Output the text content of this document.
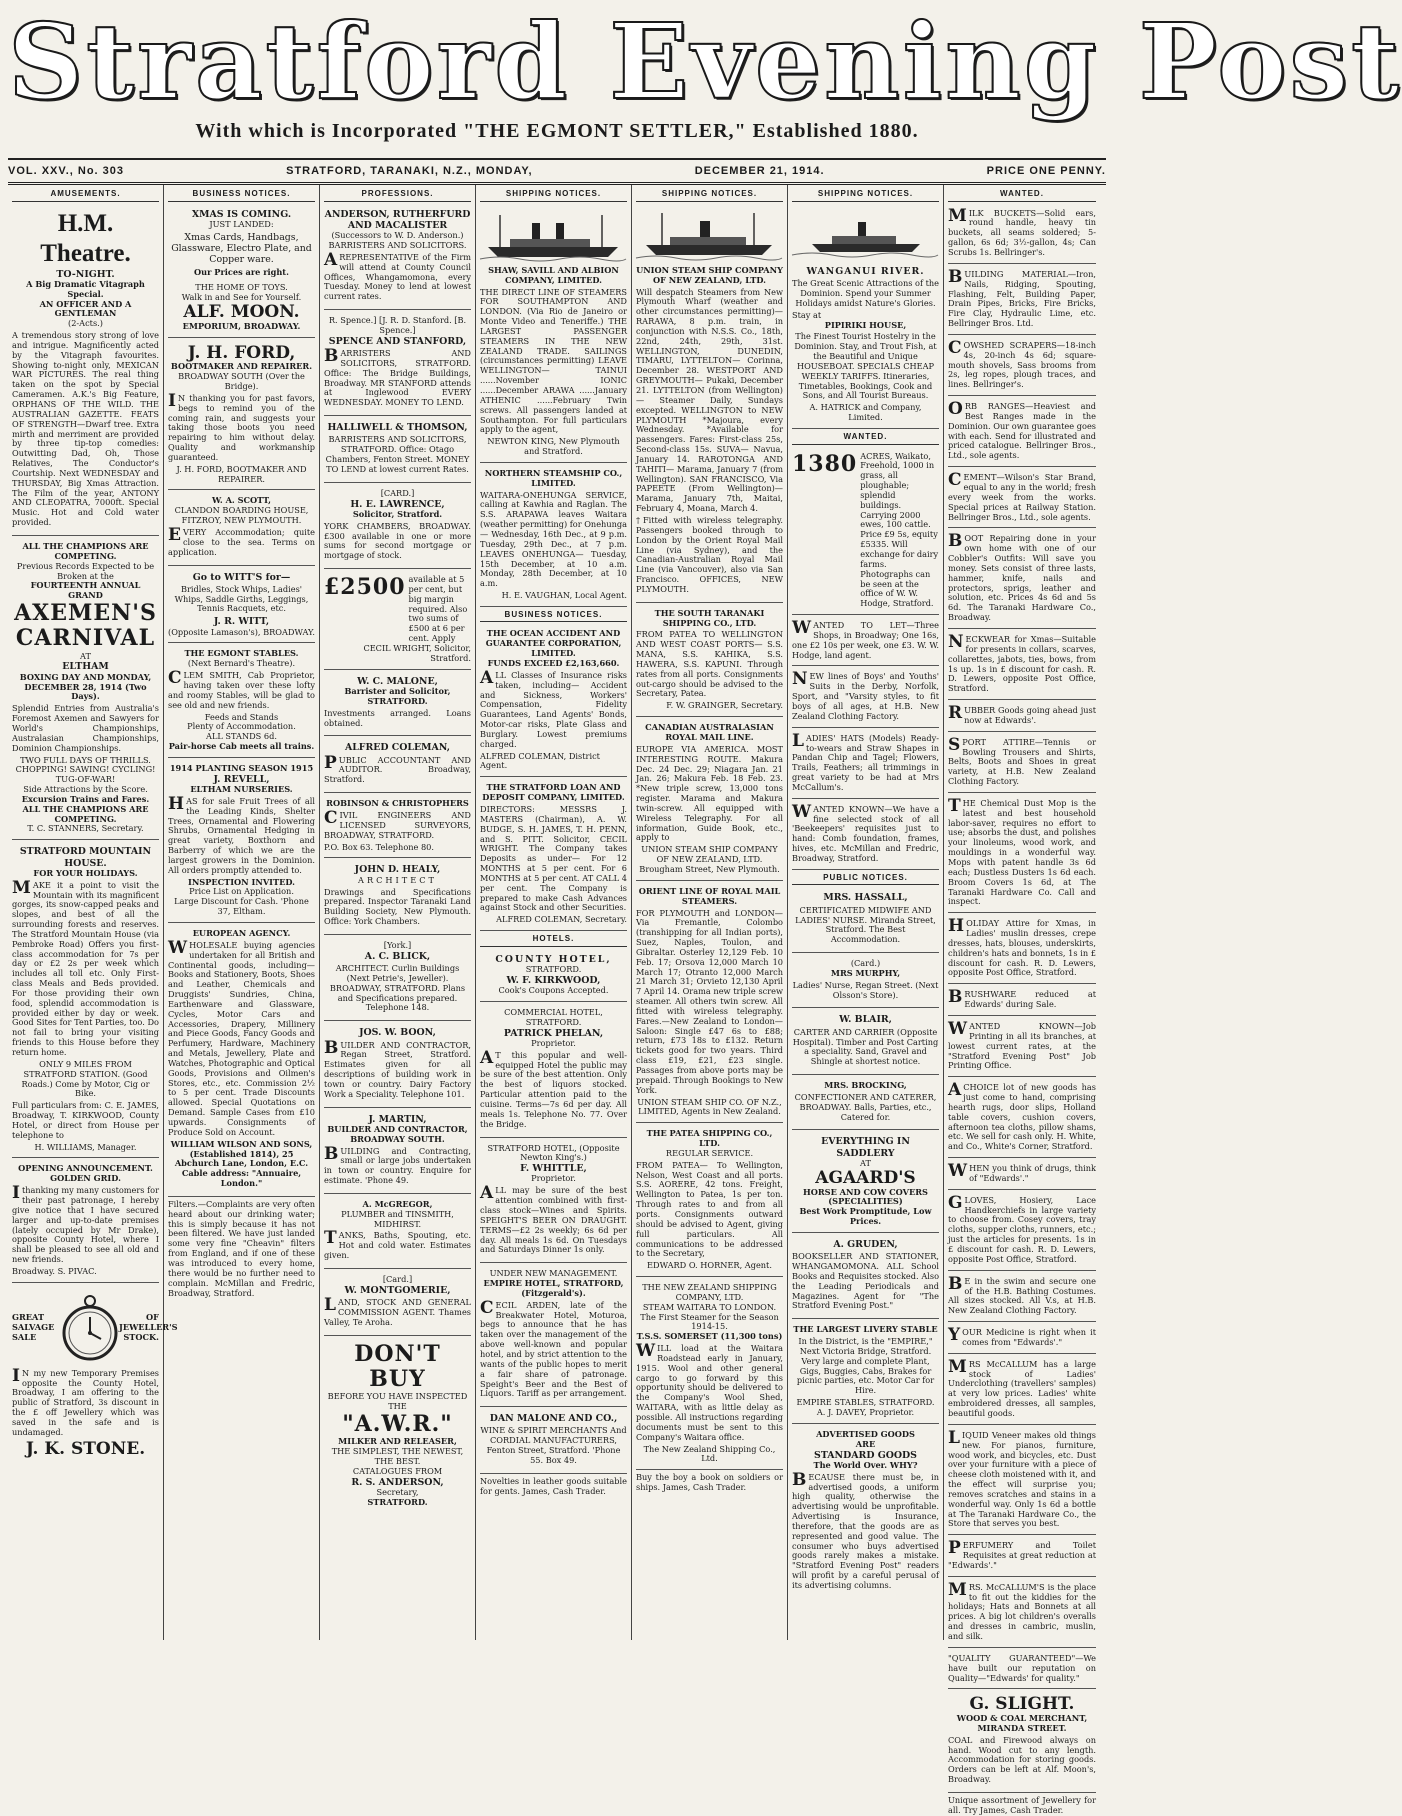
Stratford Evening Post
With which is Incorporated "THE EGMONT SETTLER," Established 1880.
VOL. XXV., No. 303	STRATFORD, TARANAKI, N.Z., MONDAY,	DECEMBER 21, 1914.	PRICE ONE PENNY.
AMUSEMENTS.
H.M. Theatre.
TO-NIGHT.
A Big Dramatic Vitagraph Special.
AN OFFICER AND A GENTLEMAN
(2-Acts.)

A tremendous story strong of love and intrigue. Magnificently acted by the Vitagraph favourites. Showing to-night only, MEXICAN WAR PICTURES. The real thing taken on the spot by Special Cameramen. A.K.'s Big Feature, ORPHANS OF THE WILD. THE AUSTRALIAN GAZETTE. FEATS OF STRENGTH—Dwarf tree. Extra mirth and merriment are provided by three tip-top comedies: Outwitting Dad, Oh, Those Relatives, The Conductor's Courtship. Next WEDNESDAY and THURSDAY, Big Xmas Attraction. The Film of the year, ANTONY AND CLEOPATRA, 7000ft. Special Music. Hot and Cold water provided.

ALL THE CHAMPIONS ARE COMPETING.
Previous Records Expected to be Broken at the
FOURTEENTH ANNUAL GRAND
AXEMEN'S CARNIVAL
AT
ELTHAM
BOXING DAY AND MONDAY, DECEMBER 28, 1914 (Two Days).

Splendid Entries from Australia's Foremost Axemen and Sawyers for World's Championships, Australasian Championships, Dominion Championships.

TWO FULL DAYS OF THRILLS. CHOPPING! SAWING! CYCLING! TUG-OF-WAR!
Side Attractions by the Score.
Excursion Trains and Fares.
ALL THE CHAMPIONS ARE COMPETING.
T. C. STANNERS, Secretary.
STRATFORD MOUNTAIN HOUSE.
FOR YOUR HOLIDAYS.

MAKE it a point to visit the Mountain with its magnificent gorges, its snow-capped peaks and slopes, and best of all the surrounding forests and reserves. The Stratford Mountain House (via Pembroke Road) Offers you first-class accommodation for 7s per day or £2 2s per week which includes all toll etc. Only First-class Meals and Beds provided. For those providing their own food, splendid accommodation is provided either by day or week. Good Sites for Tent Parties, too. Do not fail to bring your visiting friends to this House before they return home.

ONLY 9 MILES FROM STRATFORD STATION. (Good Roads.) Come by Motor, Cig or Bike.

Full particulars from: C. E. JAMES, Broadway, T. KIRKWOOD, County Hotel, or direct from House per telephone to

H. WILLIAMS, Manager.
OPENING ANNOUNCEMENT.
GOLDEN GRID.

Ithanking my many customers for their past patronage, I hereby give notice that I have secured larger and up-to-date premises (lately occupied by Mr Drake), opposite County Hotel, where I shall be pleased to see all old and new friends.

Broadway. S. PIVAC.
GREAT
SALVAGE
SALE
OF
JEWELLER'S
STOCK.

IN my new Temporary Premises opposite the County Hotel, Broadway, I am offering to the public of Stratford, 3s discount in the £ off Jewellery which was saved in the safe and is undamaged.

J. K. STONE.
BUSINESS NOTICES.
XMAS IS COMING.
JUST LANDED:

Xmas Cards, Handbags, Glassware, Electro Plate, and Copper ware.

Our Prices are right.
THE HOME OF TOYS.
Walk in and See for Yourself.
ALF. MOON.
EMPORIUM, BROADWAY.
J. H. FORD,
BOOTMAKER AND REPAIRER.
BROADWAY SOUTH (Over the Bridge).

IN thanking you for past favors, begs to remind you of the coming rain, and suggests your taking those boots you need repairing to him without delay. Quality and workmanship guaranteed.

J. H. FORD, BOOTMAKER AND REPAIRER.
W. A. SCOTT,
CLANDON BOARDING HOUSE, FITZROY, NEW PLYMOUTH.

EVERY Accommodation; quite close to the sea. Terms on application.

Go to WITT'S for—

Bridles, Stock Whips, Ladies' Whips, Saddle Girths, Leggings, Tennis Racquets, etc.

J. R. WITT,
(Opposite Lamason's), BROADWAY.
THE EGMONT STABLES.
(Next Bernard's Theatre).

CLEM SMITH, Cab Proprietor, having taken over these lofty and roomy Stables, will be glad to see old and new friends.

Feeds and Stands
Plenty of Accommodation.
ALL STANDS 6d.
Pair-horse Cab meets all trains.
1914 PLANTING SEASON 1915
J. REVELL,
ELTHAM NURSERIES.

HAS for sale Fruit Trees of all the Leading Kinds, Shelter Trees, Ornamental and Flowering Shrubs, Ornamental Hedging in great variety, Boxthorn and Barberry of which we are the largest growers in the Dominion. All orders promptly attended to.

INSPECTION INVITED.
Price List on Application.
Large Discount for Cash. 'Phone 37, Eltham.
EUROPEAN AGENCY.

WHOLESALE buying agencies undertaken for all British and Continental goods, including— Books and Stationery, Boots, Shoes and Leather, Chemicals and Druggists' Sundries, China, Earthenware and Glassware, Cycles, Motor Cars and Accessories, Drapery, Millinery and Piece Goods, Fancy Goods and Perfumery, Hardware, Machinery and Metals, Jewellery, Plate and Watches, Photographic and Optical Goods, Provisions and Oilmen's Stores, etc., etc. Commission 2½ to 5 per cent. Trade Discounts allowed. Special Quotations on Demand. Sample Cases from £10 upwards. Consignments of Produce Sold on Account.

WILLIAM WILSON AND SONS, (Established 1814), 25 Abchurch Lane, London, E.C. Cable address: "Annuaire, London."

Filters.—Complaints are very often heard about our drinking water; this is simply because it has not been filtered. We have just landed some very fine "Cheavin" filters from England, and if one of these was introduced to every home, there would be no further need to complain. McMillan and Fredric, Broadway, Stratford.

PROFESSIONS.
ANDERSON, RUTHERFURD AND MACALISTER
(Successors to W. D. Anderson.) BARRISTERS AND SOLICITORS.

AREPRESENTATIVE of the Firm will attend at County Council Offices, Whangamomona, every Tuesday. Money to lend at lowest current rates.

R. Spence.] [J. R. D. Stanford. [B. Spence.]
SPENCE AND STANFORD,

BARRISTERS AND SOLICITORS, STRATFORD. Office: The Bridge Buildings, Broadway. MR STANFORD attends at Inglewood EVERY WEDNESDAY. MONEY TO LEND.

HALLIWELL & THOMSON,

BARRISTERS AND SOLICITORS, STRATFORD. Office: Otago Chambers, Fenton Street. MONEY TO LEND at lowest current Rates.

[CARD.]
H. E. LAWRENCE,
Solicitor, Stratford.

YORK CHAMBERS, BROADWAY. £300 available in one or more sums for second mortgage or mortgage of stock.

£2500 available at 5 per cent, but big margin required. Also two sums of £500 at 6 per cent. Apply
CECIL WRIGHT, Solicitor, Stratford.
W. C. MALONE,
Barrister and Solicitor, STRATFORD.

Investments arranged. Loans obtained.

ALFRED COLEMAN,

PUBLIC ACCOUNTANT AND AUDITOR. Broadway, Stratford.

ROBINSON & CHRISTOPHERS

CIVIL ENGINEERS AND LICENSED SURVEYORS, BROADWAY, STRATFORD.

P.O. Box 63. Telephone 80.
JOHN D. HEALY,
ARCHITECT

Drawings and Specifications prepared. Inspector Taranaki Land Building Society, New Plymouth. Office: York Chambers.

[York.]
A. C. BLICK,

ARCHITECT. Curlin Buildings (Next Petrie's, Jeweller). BROADWAY, STRATFORD. Plans and Specifications prepared. Telephone 148.

JOS. W. BOON,

BUILDER AND CONTRACTOR, Regan Street, Stratford. Estimates given for all descriptions of building work in town or country. Dairy Factory Work a Speciality. Telephone 101.

J. MARTIN,
BUILDER AND CONTRACTOR, BROADWAY SOUTH.

BUILDING and Contracting, small or large jobs undertaken in town or country. Enquire for estimate. 'Phone 49.

A. McGREGOR,
PLUMBER and TINSMITH, MIDHIRST.

TANKS, Baths, Spouting, etc. Hot and cold water. Estimates given.

[Card.]
W. MONTGOMERIE,

LAND, STOCK AND GENERAL COMMISSION AGENT. Thames Valley, Te Aroha.

DON'T BUY
BEFORE YOU HAVE INSPECTED THE
"A.W.R."
MILKER AND RELEASER,
THE SIMPLEST, THE NEWEST, THE BEST.
CATALOGUES FROM
R. S. ANDERSON,
Secretary,
STRATFORD.
SHIPPING NOTICES.
SHAW, SAVILL AND ALBION COMPANY, LIMITED.

THE DIRECT LINE OF STEAMERS FOR SOUTHAMPTON AND LONDON. (Via Rio de Janeiro or Monte Video and Teneriffe.) THE LARGEST PASSENGER STEAMERS IN THE NEW ZEALAND TRADE. SAILINGS (circumstances permitting) LEAVE WELLINGTON— TAINUI ......November IONIC ......December ARAWA ......January ATHENIC ......February Twin screws. All passengers landed at Southampton. For full particulars apply to the agent,

NEWTON KING, New Plymouth and Stratford.
NORTHERN STEAMSHIP CO., LIMITED.

WAITARA-ONEHUNGA SERVICE, calling at Kawhia and Raglan. The S.S. ARAPAWA leaves Waitara (weather permitting) for Onehunga— Wednesday, 16th Dec., at 9 p.m. Tuesday, 29th Dec., at 7 p.m. LEAVES ONEHUNGA— Tuesday, 15th December, at 10 a.m. Monday, 28th December, at 10 a.m.

H. E. VAUGHAN, Local Agent.
BUSINESS NOTICES.
THE OCEAN ACCIDENT AND GUARANTEE CORPORATION, LIMITED.
FUNDS EXCEED £2,163,660.

ALL Classes of Insurance risks taken, including— Accident and Sickness, Workers' Compensation, Fidelity Guarantees, Land Agents' Bonds, Motor-car risks, Plate Glass and Burglary. Lowest premiums charged.

ALFRED COLEMAN, District Agent.
THE STRATFORD LOAN AND DEPOSIT COMPANY, LIMITED.

DIRECTORS: MESSRS J. MASTERS (Chairman), A. W. BUDGE, S. H. JAMES, T. H. PENN, and S. PITT. Solicitor, CECIL WRIGHT. The Company takes Deposits as under— For 12 MONTHS at 5 per cent. For 6 MONTHS at 5 per cent. AT CALL 4 per cent. The Company is prepared to make Cash Advances against Stock and other Securities.

ALFRED COLEMAN, Secretary.
HOTELS.
COUNTY HOTEL,
STRATFORD.
W. F. KIRKWOOD,
Cook's Coupons Accepted.
COMMERCIAL HOTEL, STRATFORD.
PATRICK PHELAN,
Proprietor.

AT this popular and well-equipped Hotel the public may be sure of the best attention. Only the best of liquors stocked. Particular attention paid to the cuisine. Terms—7s 6d per day. All meals 1s. Telephone No. 77. Over the Bridge.

STRATFORD HOTEL, (Opposite Newton King's.)
F. WHITTLE,
Proprietor.

ALL may be sure of the best attention combined with first-class stock—Wines and Spirits. SPEIGHT'S BEER ON DRAUGHT. TERMS—£2 2s weekly; 6s 6d per day. All meals 1s 6d. On Tuesdays and Saturdays Dinner 1s only.

UNDER NEW MANAGEMENT.
EMPIRE HOTEL, STRATFORD, (Fitzgerald's).

CECIL ARDEN, late of the Breakwater Hotel, Moturoa, begs to announce that he has taken over the management of the above well-known and popular hotel, and by strict attention to the wants of the public hopes to merit a fair share of patronage. Speight's Beer and the Best of Liquors. Tariff as per arrangement.

DAN MALONE AND CO.,

WINE & SPIRIT MERCHANTS And CORDIAL MANUFACTURERS, Fenton Street, Stratford. 'Phone 55. Box 49.

Novelties in leather goods suitable for gents. James, Cash Trader.

SHIPPING NOTICES.
UNION STEAM SHIP COMPANY OF NEW ZEALAND, LTD.

Will despatch Steamers from New Plymouth Wharf (weather and other circumstances permitting)— RARAWA, 8 p.m. train, in conjunction with N.S.S. Co., 18th, 22nd, 24th, 29th, 31st. WELLINGTON, DUNEDIN, TIMARU, LYTTELTON— Corinna, December 28. WESTPORT AND GREYMOUTH— Pukaki, December 21. LYTTELTON (from Wellington)— Steamer Daily, Sundays excepted. WELLINGTON to NEW PLYMOUTH *Majoura, every Wednesday. *Available for passengers. Fares: First-class 25s, Second-class 15s. SUVA— Navua, January 14. RAROTONGA AND TAHITI— Marama, January 7 (from Wellington). SAN FRANCISCO, Via PAPEETE (From Wellington)— Marama, January 7th, Maitai, February 4, Moana, March 4.

†Fitted with wireless telegraphy. Passengers booked through to London by the Orient Royal Mail Line (via Sydney), and the Canadian-Australian Royal Mail Line (via Vancouver), also via San Francisco. OFFICES, NEW PLYMOUTH.

THE SOUTH TARANAKI SHIPPING CO., LTD.

FROM PATEA TO WELLINGTON AND WEST COAST PORTS— S.S. MANA, S.S. KAHIKA, S.S. HAWERA, S.S. KAPUNI. Through rates from all ports. Consignments out-cargo should be advised to the Secretary, Patea.

F. W. GRAINGER, Secretary.
CANADIAN AUSTRALASIAN ROYAL MAIL LINE.

EUROPE VIA AMERICA. MOST INTERESTING ROUTE. Makura Dec. 24 Dec. 29; Niagara Jan. 21 Jan. 26; Makura Feb. 18 Feb. 23. *New triple screw, 13,000 tons register. Marama and Makura twin-screw. All equipped with Wireless Telegraphy. For all information, Guide Book, etc., apply to

UNION STEAM SHIP COMPANY OF NEW ZEALAND, LTD. Brougham Street, New Plymouth.
ORIENT LINE OF ROYAL MAIL STEAMERS.

FOR PLYMOUTH and LONDON— Via Fremantle, Colombo (transhipping for all Indian ports), Suez, Naples, Toulon, and Gibraltar. Osterley 12,129 Feb. 10 Feb. 17; Orsova 12,000 March 10 March 17; Otranto 12,000 March 21 March 31; Orvieto 12,130 April 7 April 14. Orama new triple screw steamer. All others twin screw. All fitted with wireless telegraphy. Fares.—New Zealand to London— Saloon: Single £47 6s to £88; return, £73 18s to £132. Return tickets good for two years. Third class £19, £21, £23 single. Passages from above ports may be prepaid. Through Bookings to New York.

UNION STEAM SHIP CO. OF N.Z., LIMITED, Agents in New Zealand.
THE PATEA SHIPPING CO., LTD.
REGULAR SERVICE.

FROM PATEA— To Wellington, Nelson, West Coast and all ports. S.S. AORERE, 42 tons. Freight, Wellington to Patea, 1s per ton. Through rates to and from all ports. Consignments outward should be advised to Agent, giving full particulars. All communications to be addressed to the Secretary,

EDWARD O. HORNER, Agent.
THE NEW ZEALAND SHIPPING COMPANY, LTD.
STEAM WAITARA TO LONDON.
The First Steamer for the Season 1914-15.
T.S.S. SOMERSET (11,300 tons)

WILL load at the Waitara Roadstead early in January, 1915. Wool and other general cargo to go forward by this opportunity should be delivered to the Company's Wool Shed, WAITARA, with as little delay as possible. All instructions regarding documents must be sent to this Company's Waitara office.

The New Zealand Shipping Co., Ltd.

Buy the boy a book on soldiers or ships. James, Cash Trader.

SHIPPING NOTICES.
WANGANUI RIVER.

The Great Scenic Attractions of the Dominion. Spend your Summer Holidays amidst Nature's Glories.

Stay at
PIPIRIKI HOUSE,

The Finest Tourist Hostelry in the Dominion. Stay, and Trout Fish, at the Beautiful and Unique HOUSEBOAT. SPECIALS CHEAP WEEKLY TARIFFS. Itineraries, Timetables, Bookings, Cook and Sons, and All Tourist Bureaus.

A. HATRICK and Company, Limited.
WANTED.
1380 ACRES, Waikato, Freehold, 1000 in grass, all ploughable; splendid buildings. Carrying 2000 ewes, 100 cattle. Price £9 5s, equity £5335. Will exchange for dairy farms. Photographs can be seen at the office of W. W. Hodge, Stratford.

WANTED TO LET—Three Shops, in Broadway; One 16s, one £2 10s per week, one £3. W. W. Hodge, land agent.

NEW lines of Boys' and Youths' Suits in the Derby, Norfolk, Sport, and "Varsity styles, to fit boys of all ages, at H.B. New Zealand Clothing Factory.

LADIES' HATS (Models) Ready-to-wears and Straw Shapes in Pandan Chip and Tagel; Flowers, Trails, Feathers; all trimmings in great variety to be had at Mrs McCallum's.

WANTED KNOWN—We have a fine selected stock of all 'Beekeepers' requisites just to hand: Comb foundation, frames, hives, etc. McMillan and Fredric, Broadway, Stratford.

PUBLIC NOTICES.
MRS. HASSALL,

CERTIFICATED MIDWIFE AND LADIES' NURSE. Miranda Street, Stratford. The Best Accommodation.

(Card.)
MRS MURPHY,

Ladies' Nurse, Regan Street. (Next Olsson's Store).

W. BLAIR,

CARTER AND CARRIER (Opposite Hospital). Timber and Post Carting a speciality. Sand, Gravel and Shingle at shortest notice.

MRS. BROCKING,

CONFECTIONER AND CATERER, BROADWAY. Balls, Parties, etc., Catered for.

EVERYTHING IN SADDLERY
AT
AGAARD'S
HORSE AND COW COVERS (SPECIALITIES)
Best Work Promptitude, Low Prices.
A. GRUDEN,

BOOKSELLER AND STATIONER, WHANGAMOMONA. ALL School Books and Requisites stocked. Also the Leading Periodicals and Magazines. Agent for "The Stratford Evening Post."

THE LARGEST LIVERY STABLE

In the District, is the "EMPIRE," Next Victoria Bridge, Stratford. Very large and complete Plant, Gigs, Buggies, Cabs, Brakes for picnic parties, etc. Motor Car for Hire.

EMPIRE STABLES, STRATFORD. A. J. DAVEY, Proprietor.
ADVERTISED GOODS
ARE
STANDARD GOODS
The World Over. WHY?

BECAUSE there must be, in advertised goods, a uniform high quality, otherwise the advertising would be unprofitable. Advertising is Insurance, therefore, that the goods are as represented and good value. The consumer who buys advertised goods rarely makes a mistake. "Stratford Evening Post" readers will profit by a careful perusal of its advertising columns.

WANTED.

MILK BUCKETS—Solid ears, round handle, heavy tin buckets, all seams soldered; 5-gallon, 6s 6d; 3½-gallon, 4s; Can Scrubs 1s. Bellringer's.

BUILDING MATERIAL—Iron, Nails, Ridging, Spouting, Flashing, Felt, Building Paper, Drain Pipes, Bricks, Fire Bricks, Fire Clay, Hydraulic Lime, etc. Bellringer Bros. Ltd.

COWSHED SCRAPERS—18-inch 4s, 20-inch 4s 6d; square-mouth shovels, Sass brooms from 2s, leg ropes, plough traces, and lines. Bellringer's.

ORB RANGES—Heaviest and Best Ranges made in the Dominion. Our own guarantee goes with each. Send for illustrated and priced catalogue. Bellringer Bros., Ltd., sole agents.

CEMENT—Wilson's Star Brand, equal to any in the world; fresh every week from the works. Special prices at Railway Station. Bellringer Bros., Ltd., sole agents.

BOOT Repairing done in your own home with one of our Cobbler's Outfits: Will save you money. Sets consist of three lasts, hammer, knife, nails and protectors, sprigs, leather and solution, etc. Prices 4s 6d and 5s 6d. The Taranaki Hardware Co., Broadway.

NECKWEAR for Xmas—Suitable for presents in collars, scarves, collarettes, jabots, ties, bows, from 1s up. 1s in £ discount for cash. R. D. Lewers, opposite Post Office, Stratford.

RUBBER Goods going ahead just now at Edwards'.

SPORT ATTIRE—Tennis or Bowling Trousers and Shirts, Belts, Boots and Shoes in great variety, at H.B. New Zealand Clothing Factory.

THE Chemical Dust Mop is the latest and best household labor-saver, requires no effort to use; absorbs the dust, and polishes your linoleums, wood work, and mouldings in a wonderful way. Mops with patent handle 3s 6d each; Dustless Dusters 1s 6d each. Broom Covers 1s 6d, at The Taranaki Hardware Co. Call and inspect.

HOLIDAY Attire for Xmas, in Ladies' muslin dresses, crepe dresses, hats, blouses, underskirts, children's hats and bonnets, 1s in £ discount for cash. R. D. Lewers, opposite Post Office, Stratford.

BRUSHWARE reduced at Edwards' during Sale.

WANTED KNOWN—Job Printing in all its branches, at lowest current rates, at the "Stratford Evening Post" Job Printing Office.

ACHOICE lot of new goods has just come to hand, comprising hearth rugs, door slips, Holland table covers, cushion covers, afternoon tea cloths, pillow shams, etc. We sell for cash only. H. White, and Co., White's Corner, Stratford.

WHEN you think of drugs, think of "Edwards'."

GLOVES, Hosiery, Lace Handkerchiefs in large variety to choose from. Cosey covers, tray cloths, supper cloths, runners, etc.; just the articles for presents. 1s in £ discount for cash. R. D. Lewers, opposite Post Office, Stratford.

BE in the swim and secure one of the H.B. Bathing Costumes. All sizes stocked. All V.s, at H.B. New Zealand Clothing Factory.

YOUR Medicine is right when it comes from "Edwards'."

MRS McCALLUM has a large stock of Ladies' Underclothing (travellers' samples) at very low prices. Ladies' white embroidered dresses, all samples, beautiful goods.

LIQUID Veneer makes old things new. For pianos, furniture, wood work, and bicycles, etc. Dust over your furniture with a piece of cheese cloth moistened with it, and the effect will surprise you; removes scratches and stains in a wonderful way. Only 1s 6d a bottle at The Taranaki Hardware Co., the Store that serves you best.

PERFUMERY and Toilet Requisites at great reduction at "Edwards'."

MRS. McCALLUM'S is the place to fit out the kiddies for the holidays; Hats and Bonnets at all prices. A big lot children's overalls and dresses in cambric, muslin, and silk.

"QUALITY GUARANTEED"—We have built our reputation on Quality—"Edwards' for quality."

G. SLIGHT.
WOOD & COAL MERCHANT, MIRANDA STREET.

COAL and Firewood always on hand. Wood cut to any length. Accommodation for storing goods. Orders can be left at Alf. Moon's, Broadway.

Unique assortment of Jewellery for all. Try James, Cash Trader.
